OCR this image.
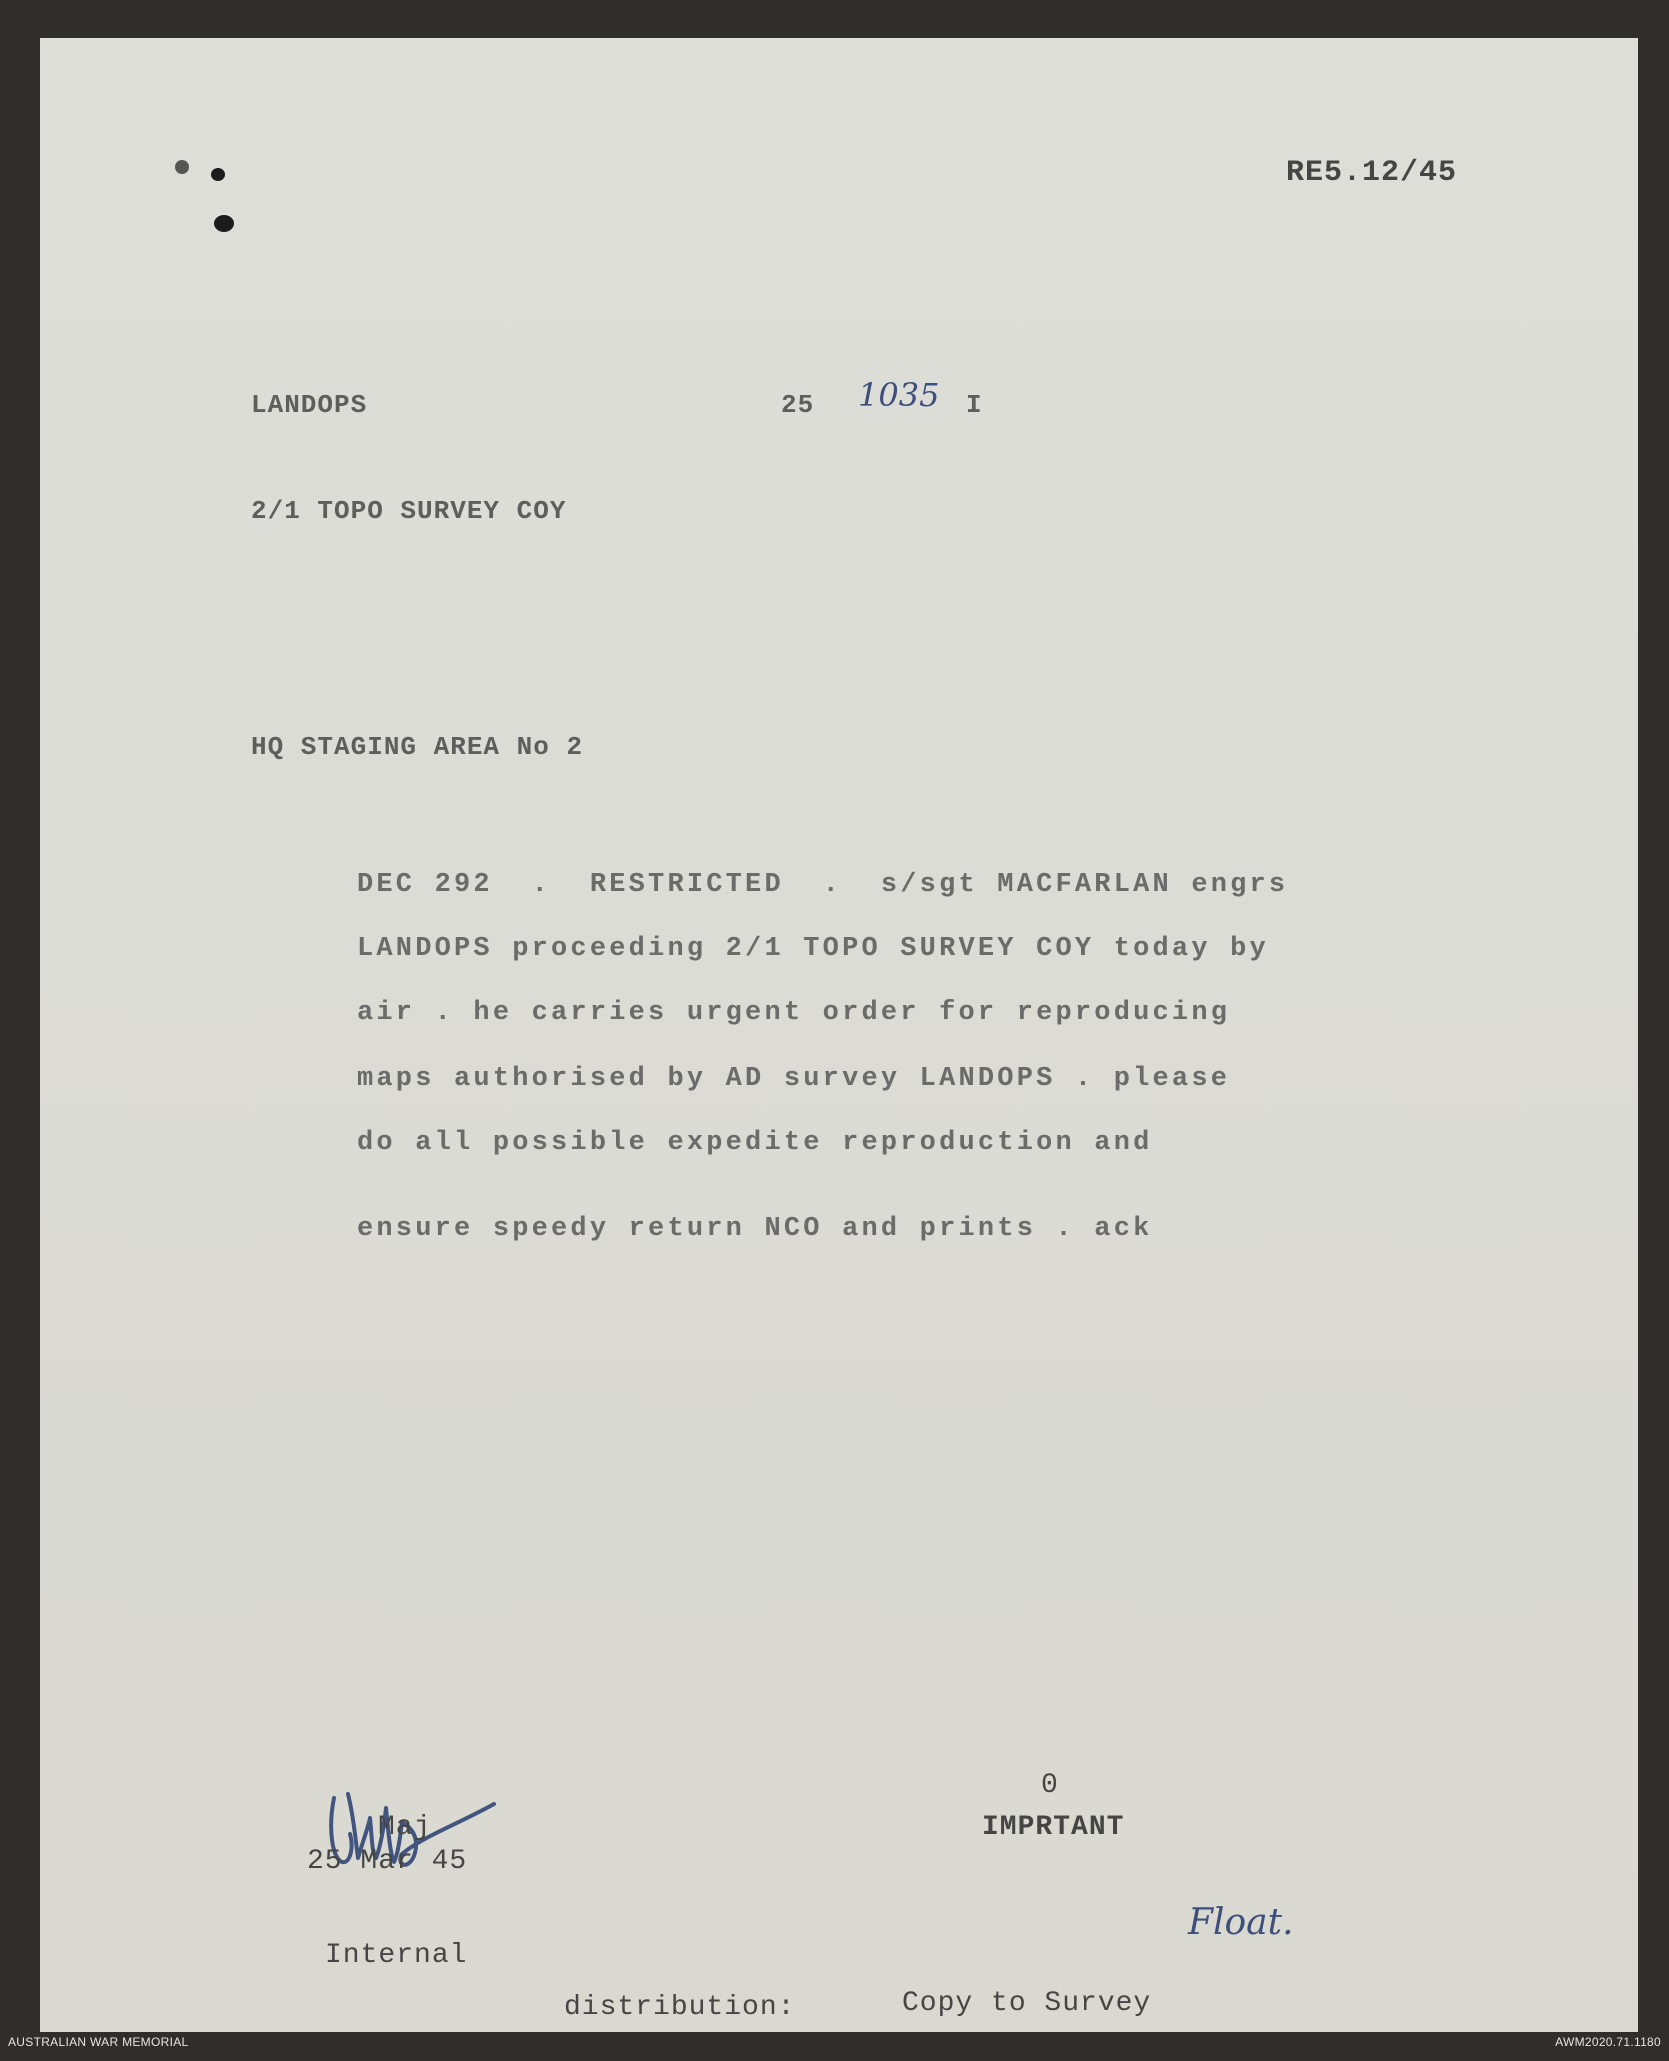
RE5.12/45
LANDOPS	25 1035 I
2/1 TOPO SURVEY COY
HQ STAGING AREA No 2
DEC 292  .  RESTRICTED  .  s/sgt MACFARLAN engrs
LANDOPS proceeding 2/1 TOPO SURVEY COY today by
air . he carries urgent order for reproducing
maps authorised by AD survey LANDOPS . please
do all possible expedite reproduction and
ensure speedy return NCO and prints . ack
Maj
25 Mar 45
0
IMPRTANT
Float.
Internal
distribution:	Copy to Survey
AUSTRALIAN WAR MEMORIAL	AWM2020.71.1180
